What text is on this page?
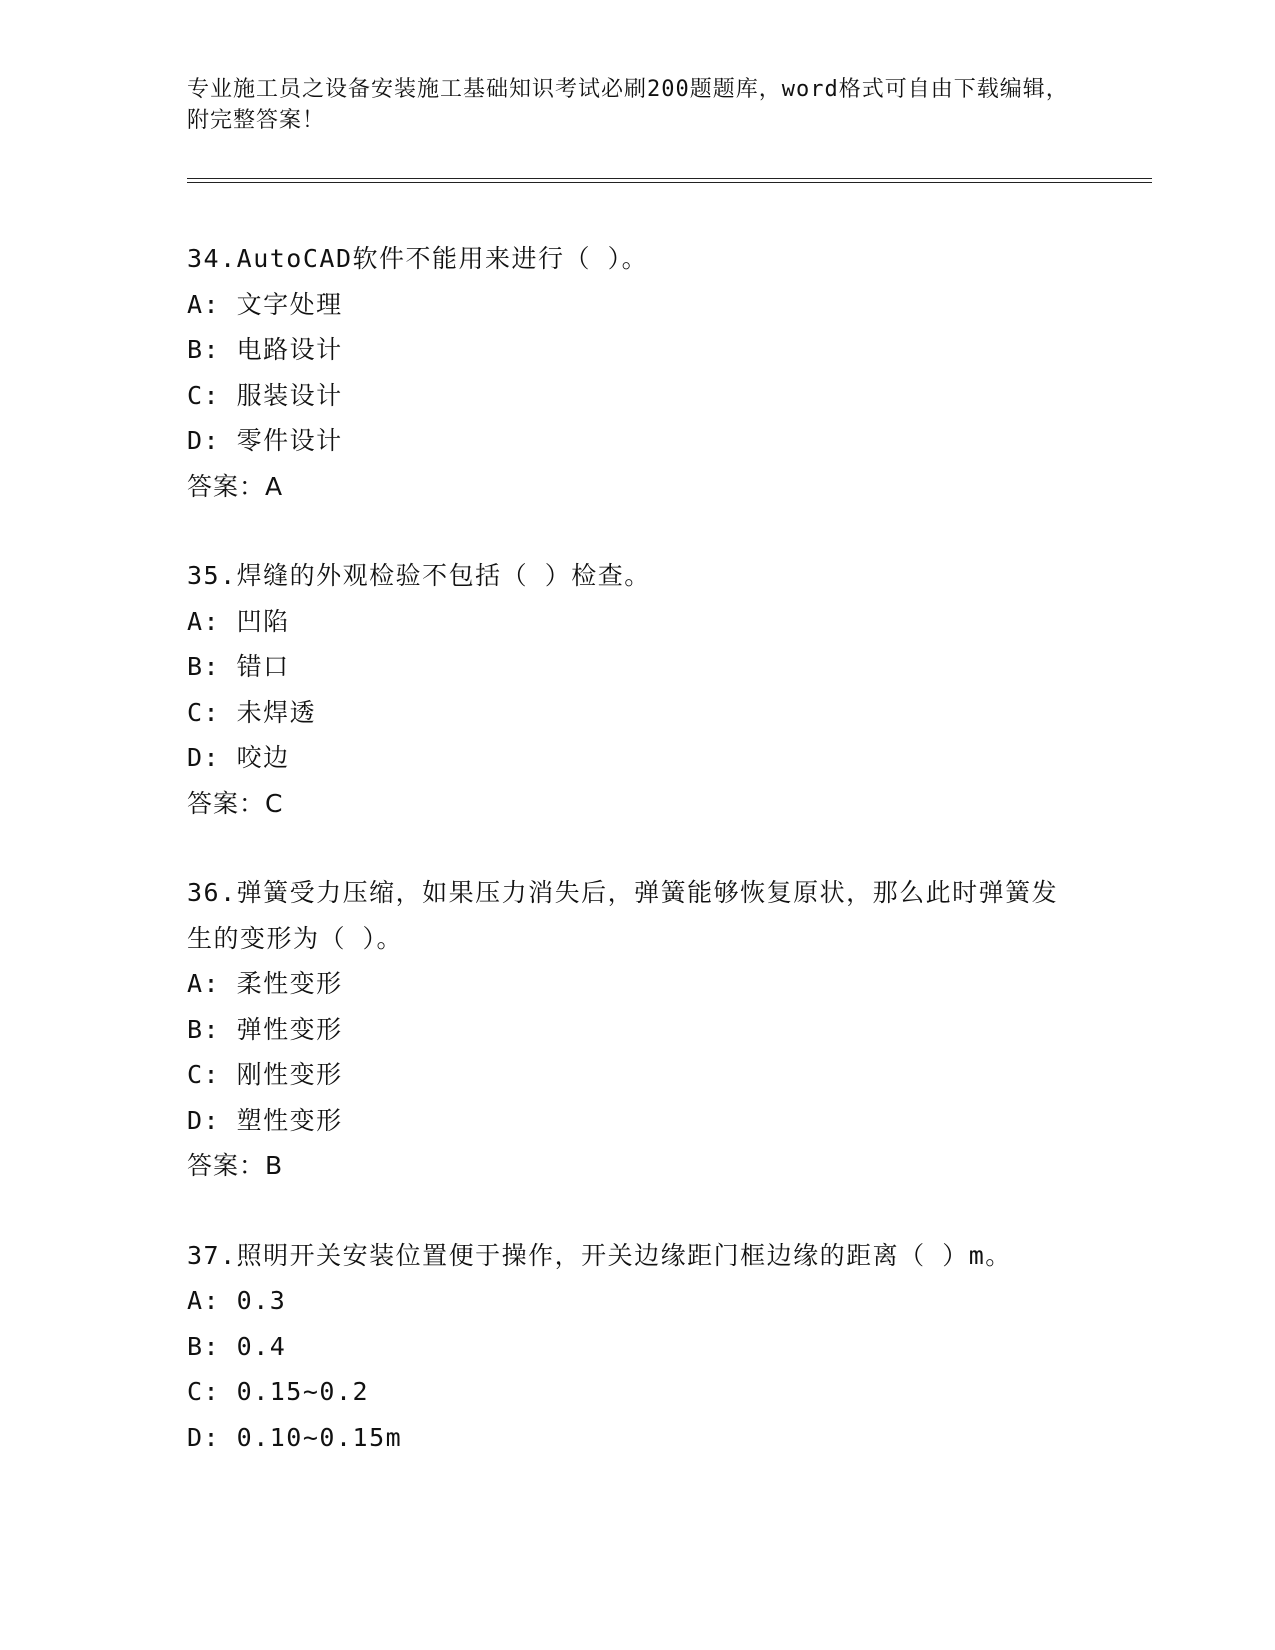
专业施工员之设备安装施工基础知识考试必刷200题题库，word格式可自由下载编辑，附完整答案！

34.AutoCAD软件不能用来进行（ ）。

A: 文字处理

B: 电路设计

C: 服装设计

D: 零件设计

答案：A

35.焊缝的外观检验不包括（ ）检查。

A: 凹陷

B: 错口

C: 未焊透

D: 咬边

答案：C

36.弹簧受力压缩，如果压力消失后，弹簧能够恢复原状，那么此时弹簧发生的变形为（ ）。

A: 柔性变形

B: 弹性变形

C: 刚性变形

D: 塑性变形

答案：B

37.照明开关安装位置便于操作，开关边缘距门框边缘的距离（ ）m。

A: 0.3

B: 0.4

C: 0.15~0.2

D: 0.10~0.15m
